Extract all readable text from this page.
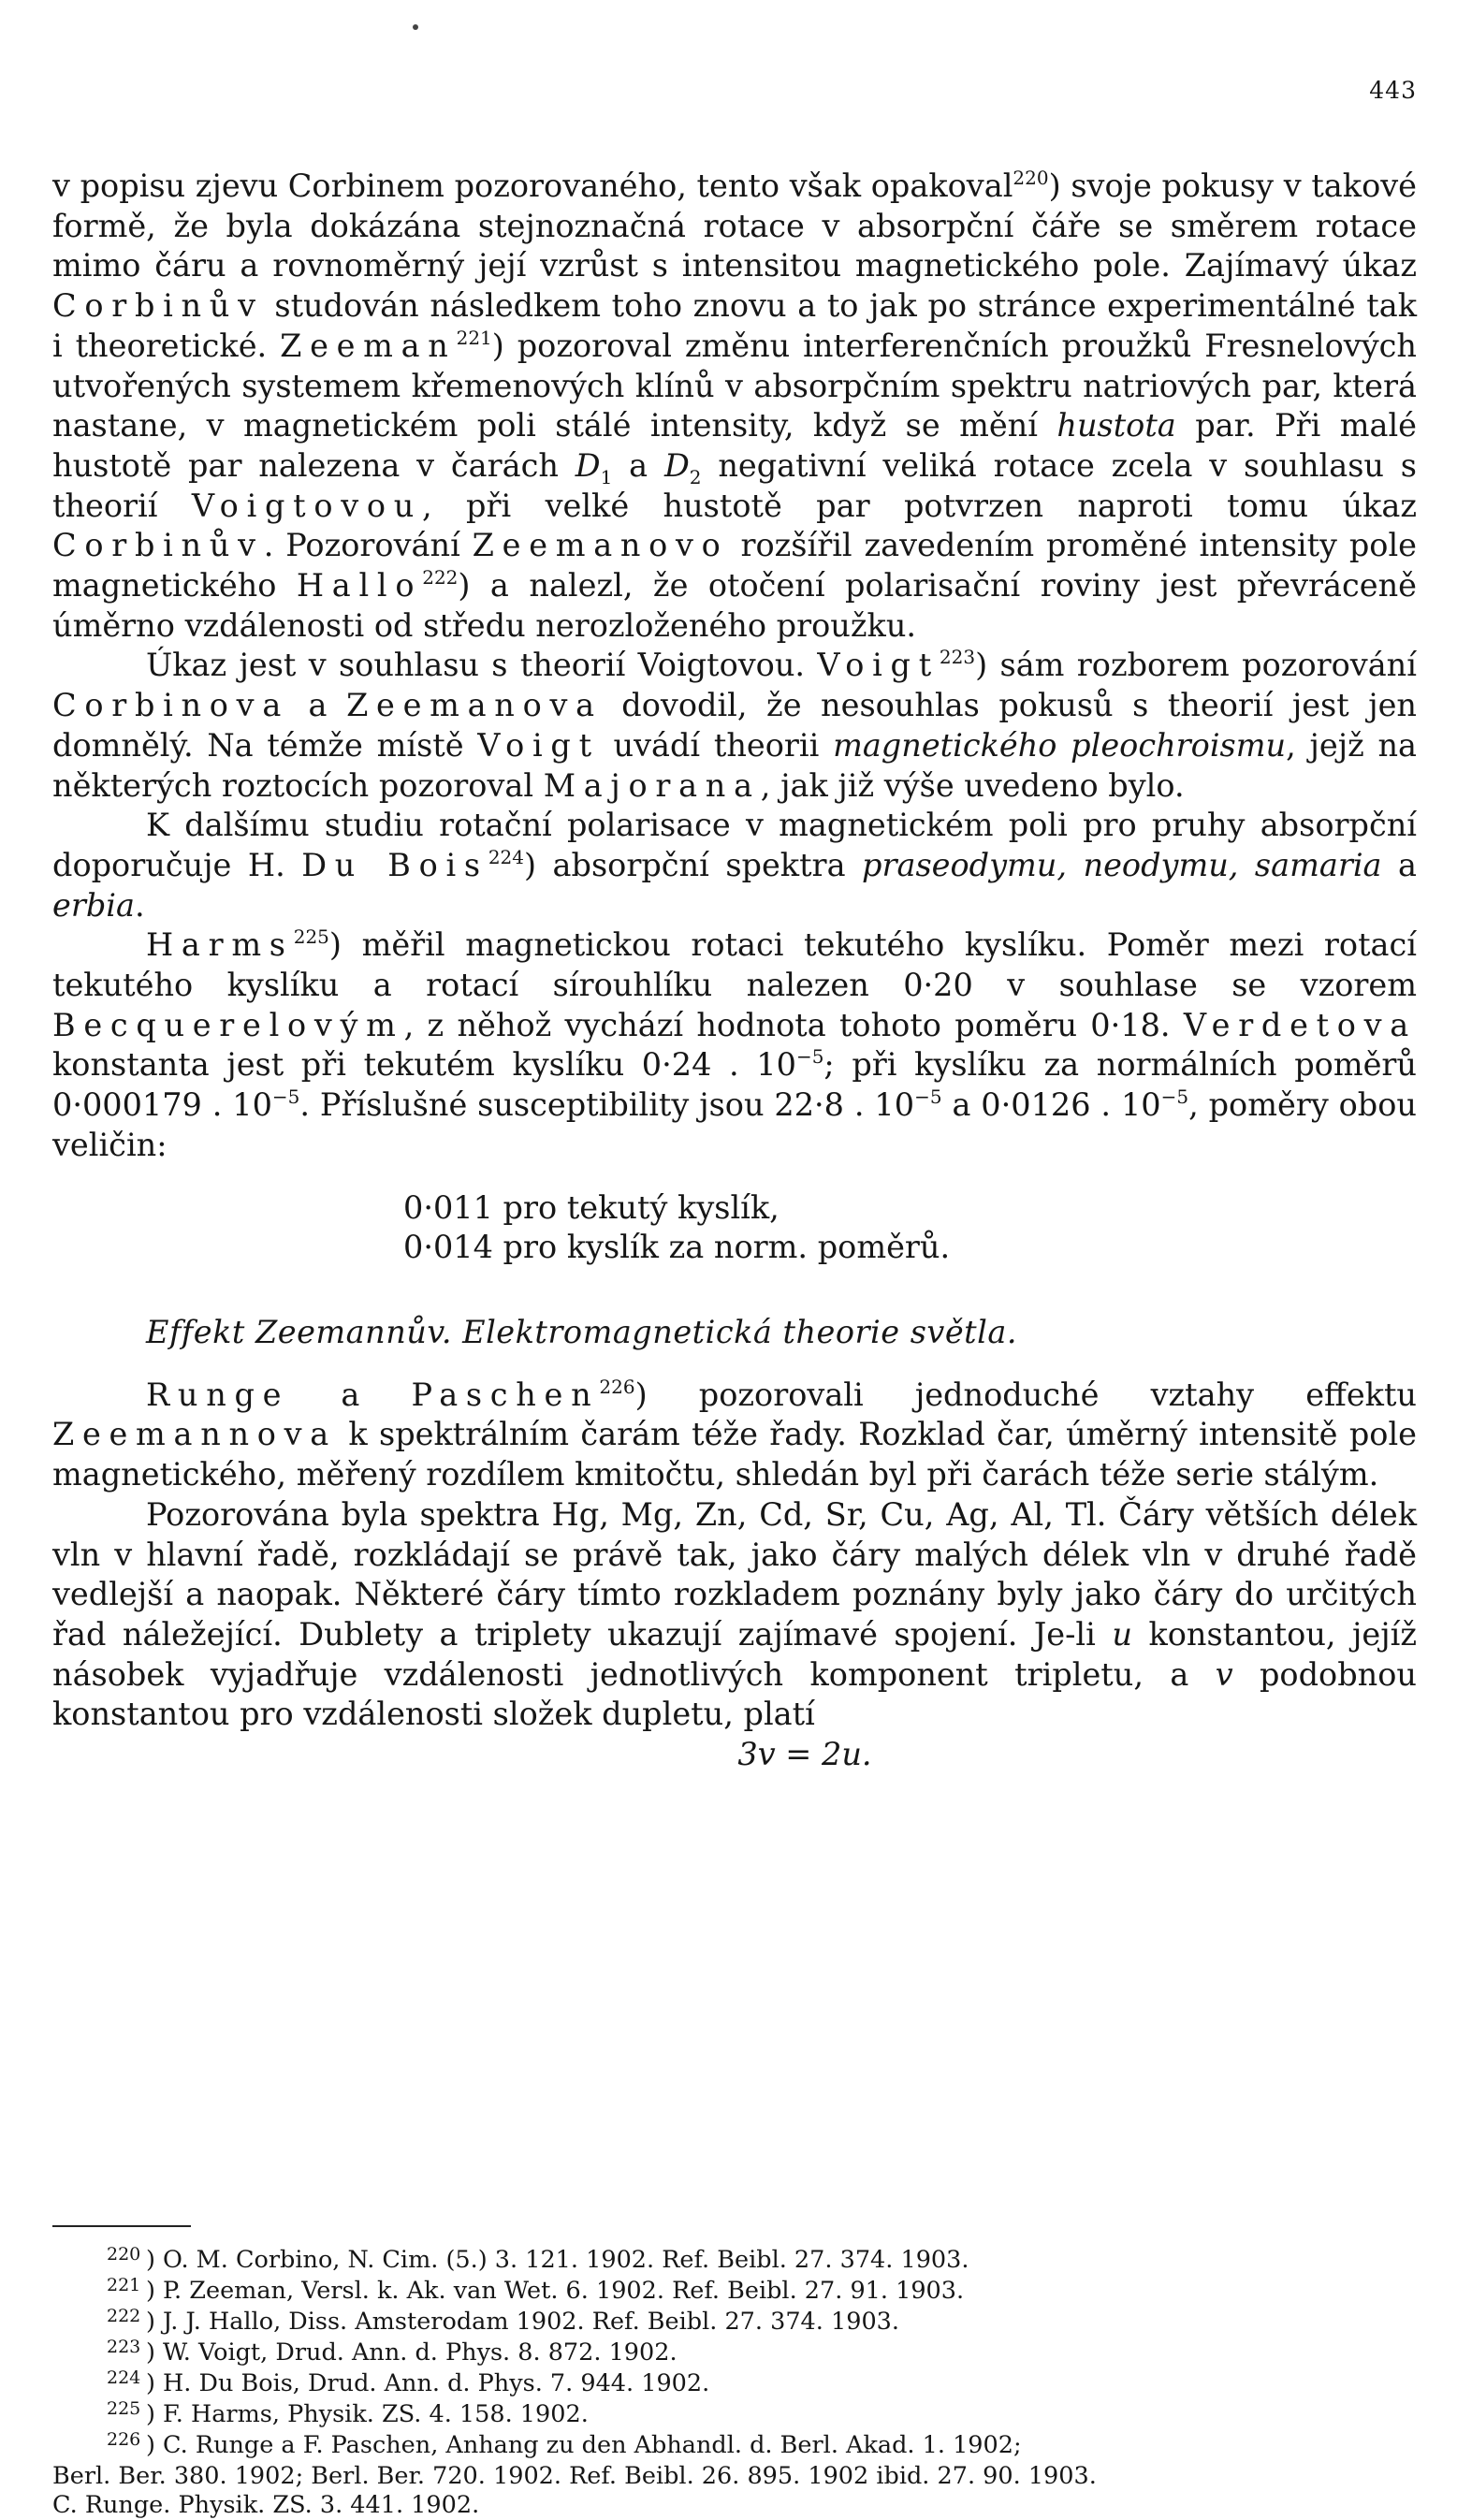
443

v popisu zjevu Corbinem pozorovaného, tento však opakoval$^{220}$) svoje pokusy v takové formě, že byla dokázána stejnoznačná rotace v absorpční čáře se směrem rotace mimo čáru a rovnoměrný její vzrůst s intensitou magnetického pole. Zajímavý úkaz Corbinův studován následkem toho znovu a to jak po stránce experimentálné tak i theoretické. Zeeman$^{221}$) pozoroval změnu interferenčních proužků Fresnelových utvořených systemem křemenových klínů v absorpčním spektru natriových par, která nastane, v magnetickém poli stálé intensity, když se mění hustota par. Při malé hustotě par nalezena v čarách $D_1$ a $D_2$ negativní veliká rotace zcela v souhlasu s theorií Voigtovou, při velké hustotě par potvrzen naproti tomu úkaz Corbinův. Pozorování Zeemanovo rozšířil zavedením proměné intensity pole magnetického Hallo$^{222}$) a nalezl, že otočení polarisační roviny jest převráceně úměrno vzdálenosti od středu nerozloženého proužku.

Úkaz jest v souhlasu s theorií Voigtovou. Voigt$^{223}$) sám rozborem pozorování Corbinova a Zeemanova dovodil, že nesouhlas pokusů s theorií jest jen domnělý. Na témže místě Voigt uvádí theorii magnetického pleochroismu, jejž na některých roztocích pozoroval Majorana, jak již výše uvedeno bylo.

K dalšímu studiu rotační polarisace v magnetickém poli pro pruhy absorpční doporučuje H. Du Bois$^{224}$) absorpční spektra praseodymu, neodymu, samaria a erbia.

Harms$^{225}$) měřil magnetickou rotaci tekutého kyslíku. Poměr mezi rotací tekutého kyslíku a rotací sírouhlíku nalezen 0·20 v souhlase se vzorem Becquerelovým, z něhož vychází hodnota tohoto poměru 0·18. Verdetova konstanta jest při tekutém kyslíku 0·24 . $10^{-5}$; při kyslíku za normálních poměrů 0·000179 . $10^{-5}$. Příslušné susceptibility jsou 22·8 . $10^{-5}$ a 0·0126 . $10^{-5}$, poměry obou veličin:

0·011 pro tekutý kyslík,
0·014 pro kyslík za norm. poměrů.
Effekt Zeemannův. Elektromagnetická theorie světla.

Runge a Paschen$^{226}$) pozorovali jednoduché vztahy effektu Zeemannova k spektrálním čarám téže řady. Rozklad čar, úměrný intensitě pole magnetického, měřený rozdílem kmitočtu, shledán byl při čarách téže serie stálým.

Pozorována byla spektra Hg, Mg, Zn, Cd, Sr, Cu, Ag, Al, Tl. Čáry větších délek vln v hlavní řadě, rozkládají se právě tak, jako čáry malých délek vln v druhé řadě vedlejší a naopak. Některé čáry tímto rozkladem poznány byly jako čáry do určitých řad náležející. Dublety a triplety ukazují zajímavé spojení. Je-li u konstantou, jejíž násobek vyjadřuje vzdálenosti jednotlivých komponent tripletu, a v podobnou konstantou pro vzdálenosti složek dupletu, platí

3v = 2u.
220 ) O. M. Corbino, N. Cim. (5.) 3. 121. 1902. Ref. Beibl. 27. 374. 1903.
221 ) P. Zeeman, Versl. k. Ak. van Wet. 6. 1902. Ref. Beibl. 27. 91. 1903.
222 ) J. J. Hallo, Diss. Amsterodam 1902. Ref. Beibl. 27. 374. 1903.
223 ) W. Voigt, Drud. Ann. d. Phys. 8. 872. 1902.
224 ) H. Du Bois, Drud. Ann. d. Phys. 7. 944. 1902.
225 ) F. Harms, Physik. ZS. 4. 158. 1902.
226 ) C. Runge a F. Paschen, Anhang zu den Abhandl. d. Berl. Akad. 1. 1902;
Berl. Ber. 380. 1902; Berl. Ber. 720. 1902. Ref. Beibl. 26. 895. 1902 ibid. 27. 90. 1903.
C. Runge. Physik. ZS. 3. 441. 1902.
